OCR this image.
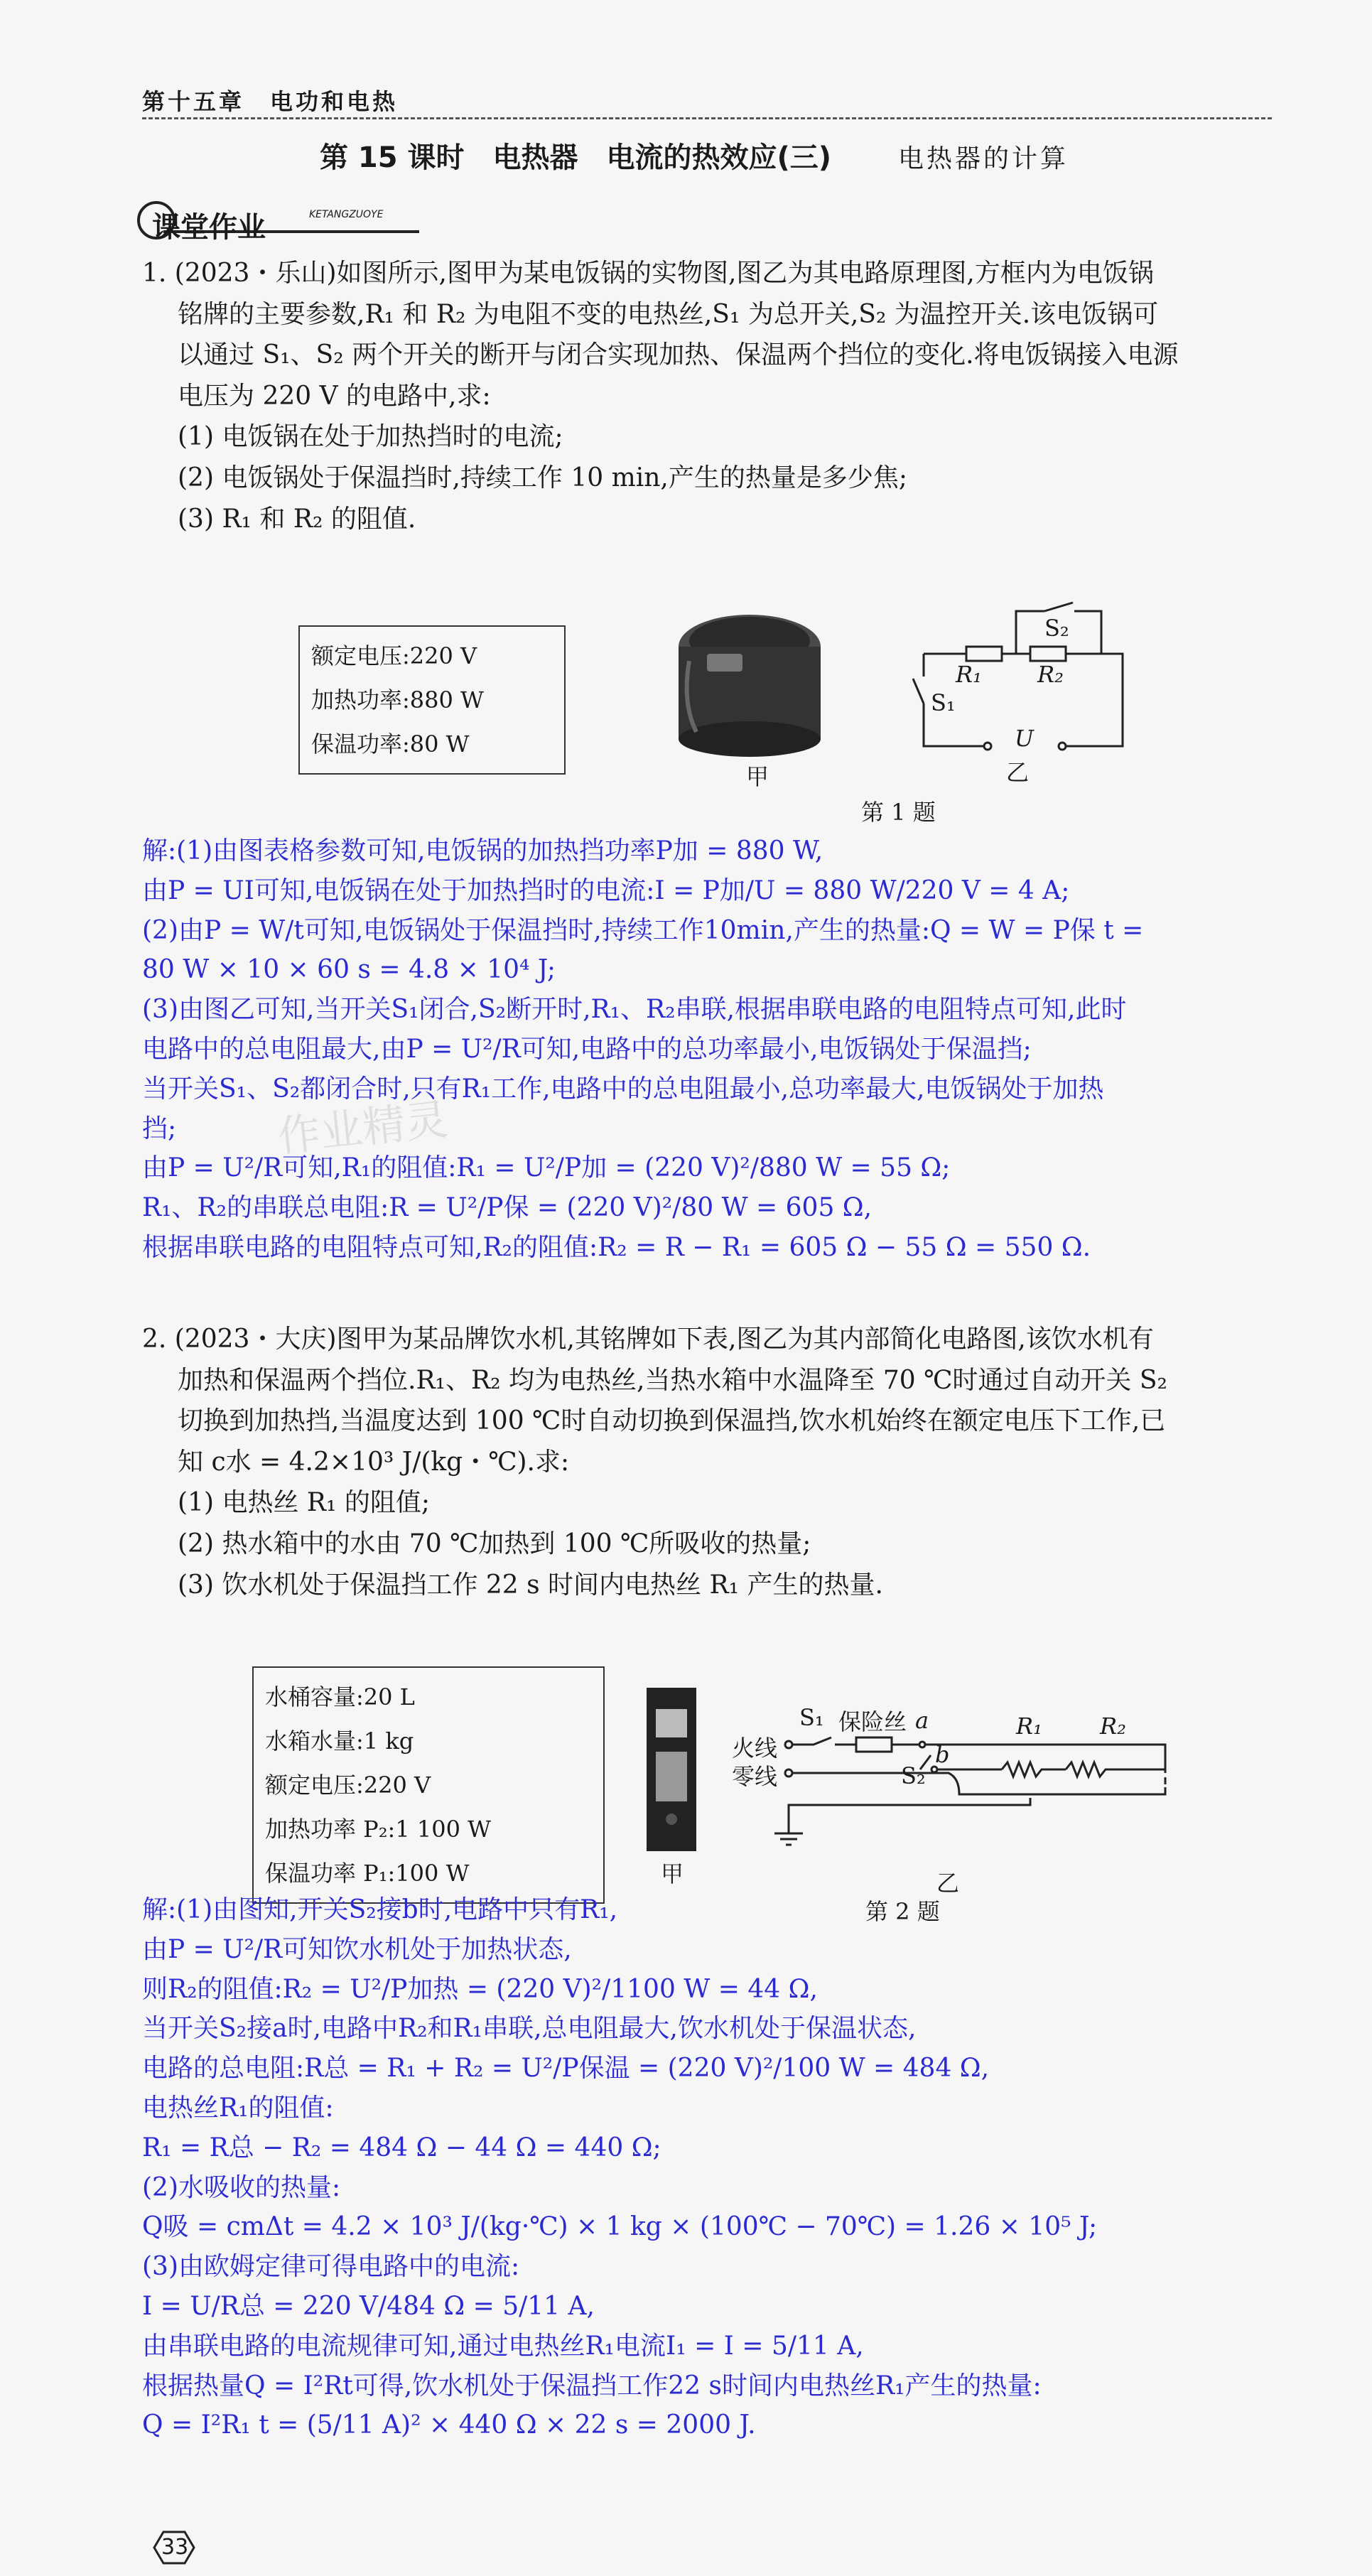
第十五章　电功和电热
第 15 课时　电热器　电流的热效应(三)	电热器的计算
课堂作业	KETANGZUOYE
1. (2023・乐山)如图所示,图甲为某电饭锅的实物图,图乙为其电路原理图,方框内为电饭锅
铭牌的主要参数,R₁ 和 R₂ 为电阻不变的电热丝,S₁ 为总开关,S₂ 为温控开关.该电饭锅可
以通过 S₁、S₂ 两个开关的断开与闭合实现加热、保温两个挡位的变化.将电饭锅接入电源
电压为 220 V 的电路中,求:
(1) 电饭锅在处于加热挡时的电流;
(2) 电饭锅处于保温挡时,持续工作 10 min,产生的热量是多少焦;
(3) R₁ 和 R₂ 的阻值.
额定电压:220 V
加热功率:880 W
保温功率:80 W
甲
S₂
R₁ R₂
S₁
U
乙
第 1 题
解:(1)由图表格参数可知,电饭锅的加热挡功率P加 = 880 W,
由P = UI可知,电饭锅在处于加热挡时的电流:I = P加/U = 880 W/220 V = 4 A;
(2)由P = W/t可知,电饭锅处于保温挡时,持续工作10min,产生的热量:Q = W = P保 t =
80 W × 10 × 60 s = 4.8 × 10⁴ J;
(3)由图乙可知,当开关S₁闭合,S₂断开时,R₁、R₂串联,根据串联电路的电阻特点可知,此时
电路中的总电阻最大,由P = U²/R可知,电路中的总功率最小,电饭锅处于保温挡;
当开关S₁、S₂都闭合时,只有R₁工作,电路中的总电阻最小,总功率最大,电饭锅处于加热
挡;
由P = U²/R可知,R₁的阻值:R₁ = U²/P加 = (220 V)²/880 W = 55 Ω;
R₁、R₂的串联总电阻:R = U²/P保 = (220 V)²/80 W = 605 Ω,
根据串联电路的电阻特点可知,R₂的阻值:R₂ = R − R₁ = 605 Ω − 55 Ω = 550 Ω.
作业精灵
2. (2023・大庆)图甲为某品牌饮水机,其铭牌如下表,图乙为其内部简化电路图,该饮水机有
加热和保温两个挡位.R₁、R₂ 均为电热丝,当热水箱中水温降至 70 ℃时通过自动开关 S₂
切换到加热挡,当温度达到 100 ℃时自动切换到保温挡,饮水机始终在额定电压下工作,已
知 c水 = 4.2×10³ J/(kg・℃).求:
(1) 电热丝 R₁ 的阻值;
(2) 热水箱中的水由 70 ℃加热到 100 ℃所吸收的热量;
(3) 饮水机处于保温挡工作 22 s 时间内电热丝 R₁ 产生的热量.
水桶容量:20 L
水箱水量:1 kg
额定电压:220 V
加热功率 P₂:1 100 W
保温功率 P₁:100 W	甲
火线
零线
S₁ 保险丝 a
b
S₂
R₁	R₂
乙
第 2 题
解:(1)由图知,开关S₂接b时,电路中只有R₁,
由P = U²/R可知饮水机处于加热状态,
则R₂的阻值:R₂ = U²/P加热 = (220 V)²/1100 W = 44 Ω,
当开关S₂接a时,电路中R₂和R₁串联,总电阻最大,饮水机处于保温状态,
电路的总电阻:R总 = R₁ + R₂ = U²/P保温 = (220 V)²/100 W = 484 Ω,
电热丝R₁的阻值:
R₁ = R总 − R₂ = 484 Ω − 44 Ω = 440 Ω;
(2)水吸收的热量:
Q吸 = cmΔt = 4.2 × 10³ J/(kg·℃) × 1 kg × (100℃ − 70℃) = 1.26 × 10⁵ J;
(3)由欧姆定律可得电路中的电流:
I = U/R总 = 220 V/484 Ω = 5/11 A,
由串联电路的电流规律可知,通过电热丝R₁电流I₁ = I = 5/11 A,
根据热量Q = I²Rt可得,饮水机处于保温挡工作22 s时间内电热丝R₁产生的热量:
Q = I²R₁ t = (5/11 A)² × 440 Ω × 22 s = 2000 J.
33
